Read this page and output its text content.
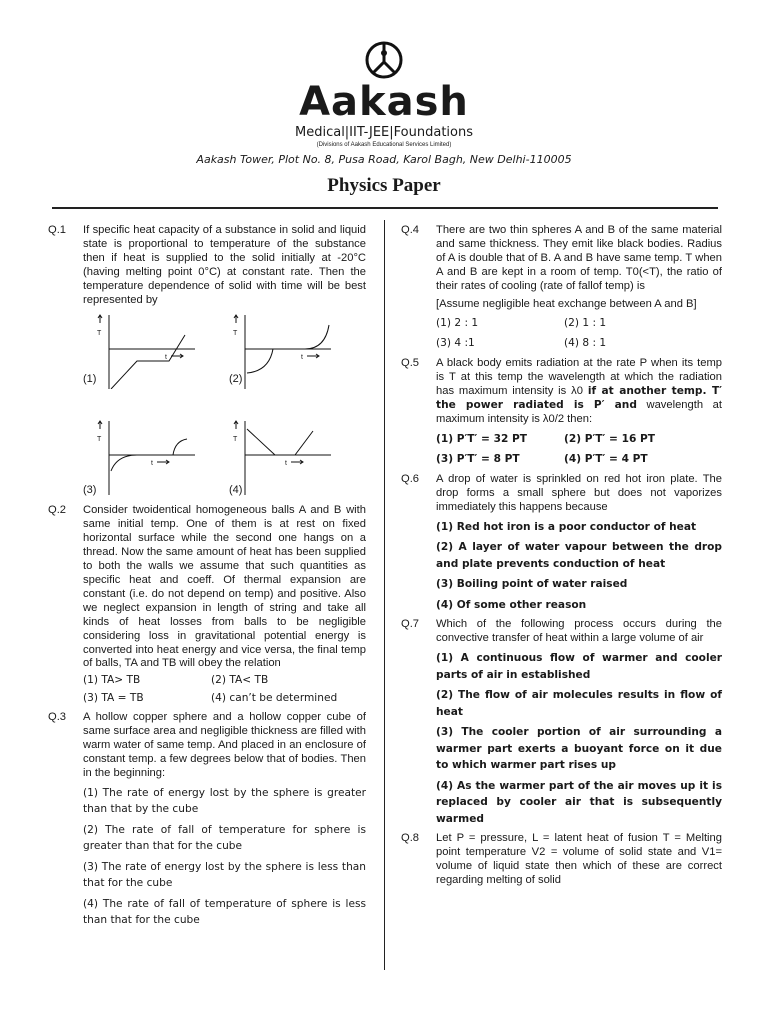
Aakash
Medical|IIT-JEE|Foundations
(Divisions of Aakash Educational Services Limited)
Aakash Tower, Plot No. 8, Pusa Road, Karol Bagh, New Delhi-110005
Physics Paper
Q.1	If specific heat capacity of a substance in solid and liquid state is proportional to temperature of the substance then if heat is supplied to the solid initially at -20°C (having melting point 0°C) at constant rate. Then the temperature dependence of solid with time will be best represented by
T
t
(1)
T
t
(2)
T
t
(3)
T
t
(4)
Q.2	Consider twoidentical homogeneous balls A and B with same initial temp. One of them is at rest on fixed horizontal surface while the second one hangs on a thread. Now the same amount of heat has been supplied to both the walls we assume that such quantities as specific heat and coeff. Of thermal expansion are constant (i.e. do not depend on temp) and positive. Also we neglect expansion in length of string and take all kinds of heat losses from balls to be negligible considering loss in gravitational potential energy is converted into heat energy and vice versa, the final temp of balls, TA and TB will obey the relation
(1) TA> TB	(2) TA< TB
(3) TA = TB	(4) can’t be determined
Q.3	A hollow copper sphere and a hollow copper cube of same surface area and negligible thickness are filled with warm water of same temp. And placed in an enclosure of constant temp. a few degrees below that of bodies. Then in the beginning:
(1) The rate of energy lost by the sphere is greater than that by the cube
(2) The rate of fall of temperature for sphere is greater than that for the cube
(3) The rate of energy lost by the sphere is less than that for the cube
(4) The rate of fall of temperature of sphere is less than that for the cube
Q.4	There are two thin spheres A and B of the same material and same thickness. They emit like black bodies. Radius of A is double that of B. A and B have same temp. T when A and B are kept in a room of temp. T0(<T), the ratio of their rates of cooling (rate of fallof temp) is
[Assume negligible heat exchange between A and B]
(1) 2 : 1	(2) 1 : 1
(3) 4 :1	(4) 8 : 1
Q.5	A black body emits radiation at the rate P when its temp is T at this temp the wavelength at which the radiation has maximum intensity is λ0 if at another temp. T′ the power radiated is P′ and wavelength at maximum intensity is λ0/2 then:
(1) P′T′ = 32 PT	(2) P′T′ = 16 PT
(3) P′T′ = 8 PT	(4) P′T′ = 4 PT
Q.6	A drop of water is sprinkled on red hot iron plate. The drop forms a small sphere but does not vaporizes immediately this happens because
(1) Red hot iron is a poor conductor of heat
(2) A layer of water vapour between the drop and plate prevents conduction of heat
(3) Boiling point of water raised
(4) Of some other reason
Q.7	Which of the following process occurs during the convective transfer of heat within a large volume of air
(1) A continuous flow of warmer and cooler parts of air in established
(2) The flow of air molecules results in flow of heat
(3) The cooler portion of air surrounding a warmer part exerts a buoyant force on it due to which warmer part rises up
(4) As the warmer part of the air moves up it is replaced by cooler air that is subsequently warmed
Q.8	Let P = pressure, L = latent heat of fusion T = Melting point temperature V2 = volume of solid state and V1= volume of liquid state then which of these are correct regarding melting of solid
